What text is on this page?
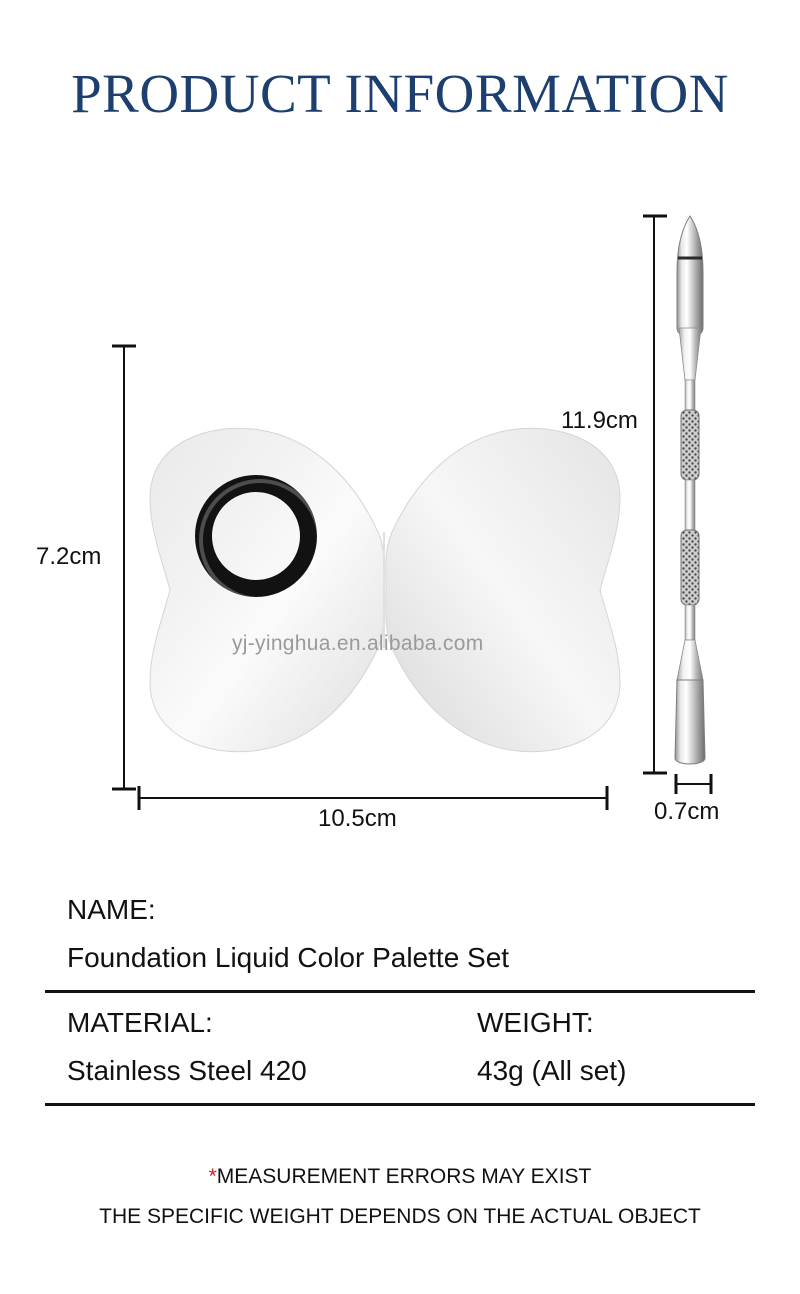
PRODUCT INFORMATION
yj-yinghua.en.alibaba.com
7.2cm
10.5cm
11.9cm
0.7cm
NAME:
Foundation Liquid Color Palette Set
MATERIAL:
Stainless Steel 420
WEIGHT:
43g (All set)
*MEASUREMENT ERRORS MAY EXIST
THE SPECIFIC WEIGHT DEPENDS ON THE ACTUAL OBJECT
